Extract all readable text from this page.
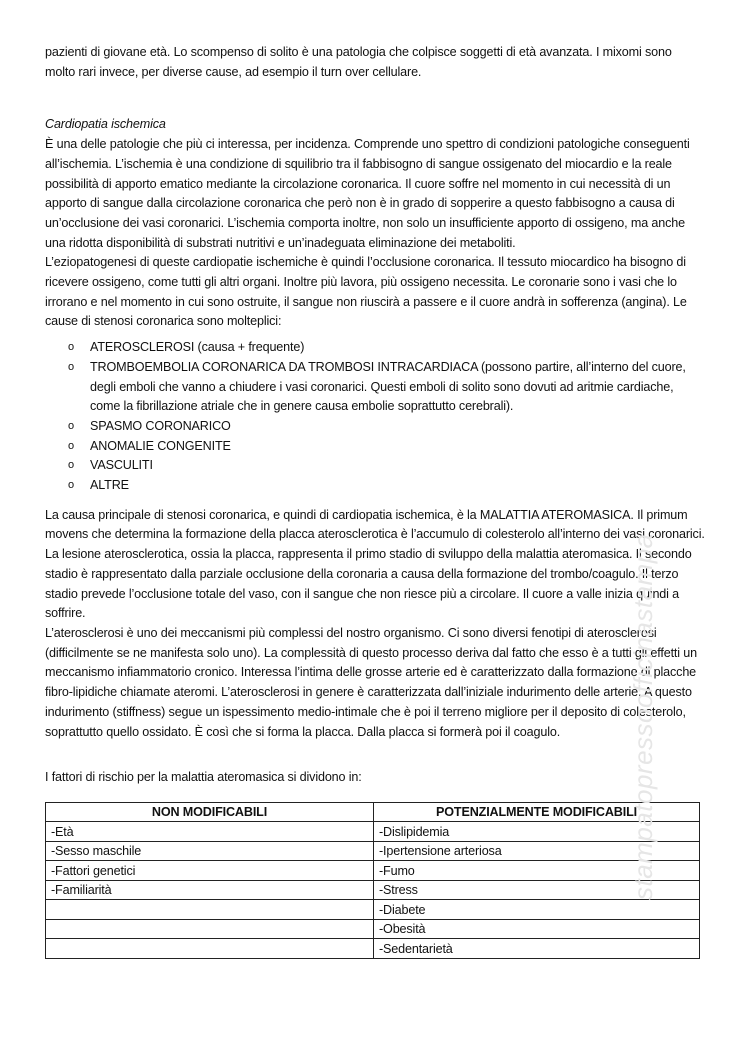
pazienti di giovane età. Lo scompenso di solito è una patologia che colpisce soggetti di età avanzata. I mixomi sono molto rari invece, per diverse cause, ad esempio il turn over cellulare.

Cardiopatia ischemica

È una delle patologie che più ci interessa, per incidenza. Comprende uno spettro di condizioni patologiche conseguenti all’ischemia. L’ischemia è una condizione di squilibrio tra il fabbisogno di sangue ossigenato del miocardio e la reale possibilità di apporto ematico mediante la circolazione coronarica. Il cuore soffre nel momento in cui necessità di un apporto di sangue dalla circolazione coronarica che però non è in grado di sopperire a questo fabbisogno a causa di un’occlusione dei vasi coronarici. L’ischemia comporta inoltre, non solo un insufficiente apporto di ossigeno, ma anche una ridotta disponibilità di substrati nutritivi e un’inadeguata eliminazione dei metaboliti.

L’eziopatogenesi di queste cardiopatie ischemiche è quindi l’occlusione coronarica. Il tessuto miocardico ha bisogno di ricevere ossigeno, come tutti gli altri organi. Inoltre più lavora, più ossigeno necessita. Le coronarie sono i vasi che lo irrorano e nel momento in cui sono ostruite, il sangue non riuscirà a passere e il cuore andrà in sofferenza (angina). Le cause di stenosi coronarica sono molteplici:

o ATEROSCLEROSI (causa + frequente)
o TROMBOEMBOLIA CORONARICA DA TROMBOSI INTRACARDIACA (possono partire, all’interno del cuore, degli emboli che vanno a chiudere i vasi coronarici. Questi emboli di solito sono dovuti ad aritmie cardiache, come la fibrillazione atriale che in genere causa embolie soprattutto cerebrali).
o SPASMO CORONARICO
o ANOMALIE CONGENITE
o VASCULITI
o ALTRE

La causa principale di stenosi coronarica, e quindi di cardiopatia ischemica, è la MALATTIA ATEROMASICA. Il primum movens che determina la formazione della placca aterosclerotica è l’accumulo di colesterolo all’interno dei vasi coronarici. La lesione aterosclerotica, ossia la placca, rappresenta il primo stadio di sviluppo della malattia ateromasica. Il secondo stadio è rappresentato dalla parziale occlusione della coronaria a causa della formazione del trombo/coagulo. Il terzo stadio prevede l’occlusione totale del vaso, con il sangue che non riesce più a circolare. Il cuore a valle inizia quindi a soffrire.

L’aterosclerosi è uno dei meccanismi più complessi del nostro organismo. Ci sono diversi fenotipi di aterosclerosi (difficilmente se ne manifesta solo uno). La complessità di questo processo deriva dal fatto che esso è a tutti gli effetti un meccanismo infiammatorio cronico. Interessa l’intima delle grosse arterie ed è caratterizzato dalla formazione di placche fibro-lipidiche chiamate ateromi. L’aterosclerosi in genere è caratterizzata dall’iniziale indurimento delle arterie. A questo indurimento (stiffness) segue un ispessimento medio-intimale che è poi il terreno migliore per il deposito di colesterolo, soprattutto quello ossidato. È così che si forma la placca. Dalla placca si formerà poi il coagulo.

I fattori di rischio per la malattia ateromasica si dividono in:

NON MODIFICABILI	POTENZIALMENTE MODIFICABILI
-Età	-Dislipidemia
-Sesso maschile	-Ipertensione arteriosa
-Fattori genetici	-Fumo
-Familiarità	-Stress
	-Diabete
	-Obesità
	-Sedentarietà
stampatopressoofficinastampa
